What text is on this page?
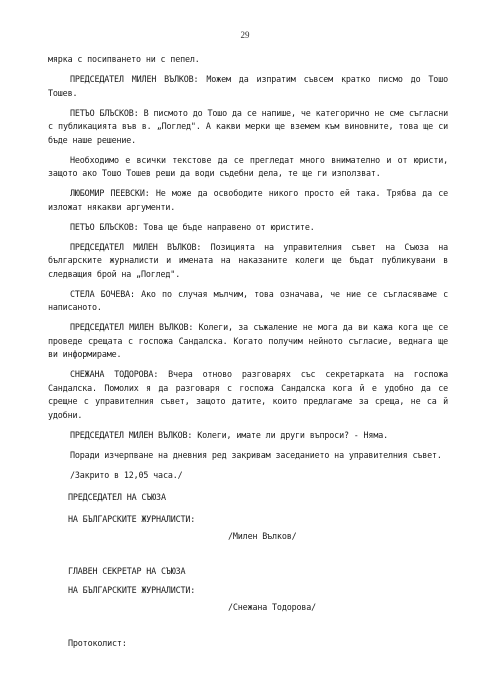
29

мярка с посипването ни с пепел.

ПРЕДСЕДАТЕЛ МИЛЕН ВЪЛКОВ: Можем да изпратим съвсем кратко писмо до Тошо Тошев.

ПЕТЪО БЛЪСКОВ: В писмото до Тошо да се напише, че категорично не сме съгласни с публикацията във в. „Поглед". А какви мерки ще вземем към виновните, това ще си бъде наше решение.

Необходимо е всички текстове да се прегледат много внимателно и от юристи, защото ако Тошо Тошев реши да води съдебни дела, те ще ги използват.

ЛЮБОМИР ПЕЕВСКИ: Не може да освободите никого просто ей така. Трябва да се изложат някакви аргументи.

ПЕТЪО БЛЪСКОВ: Това ще бъде направено от юристите.

ПРЕДСЕДАТЕЛ МИЛЕН ВЪЛКОВ: Позицията на управителния съвет на Съюза на българските журналисти и имената на наказаните колеги ще бъдат публикувани в следващия брой на „Поглед".

СТЕЛА БОЧЕВА: Ако по случая мълчим, това означава, че ние се съгласяваме с написаното.

ПРЕДСЕДАТЕЛ МИЛЕН ВЪЛКОВ: Колеги, за съжаление не мога да ви кажа кога ще се проведе срещата с госпожа Сандалска. Когато получим нейното съгласие, веднага ще ви информираме.

СНЕЖАНА ТОДОРОВА: Вчера отново разговарях със секретарката на госпожа Сандалска. Помолих я да разговаря с госпожа Сандалска кога й е удобно да се срещне с управителния съвет, защото датите, които предлагаме за среща, не са й удобни.

ПРЕДСЕДАТЕЛ МИЛЕН ВЪЛКОВ: Колеги, имате ли други въпроси? - Няма.

Поради изчерпване на дневния ред закривам заседанието на управителния съвет.

/Закрито в 12,05 часа./

ПРЕДСЕДАТЕЛ НА СЪЮЗА
НА БЪЛГАРСКИТЕ ЖУРНАЛИСТИ:
/Милен Вълков/
ГЛАВЕН СЕКРЕТАР НА СЪЮЗА
НА БЪЛГАРСКИТЕ ЖУРНАЛИСТИ:
/Снежана Тодорова/
Протоколист:
